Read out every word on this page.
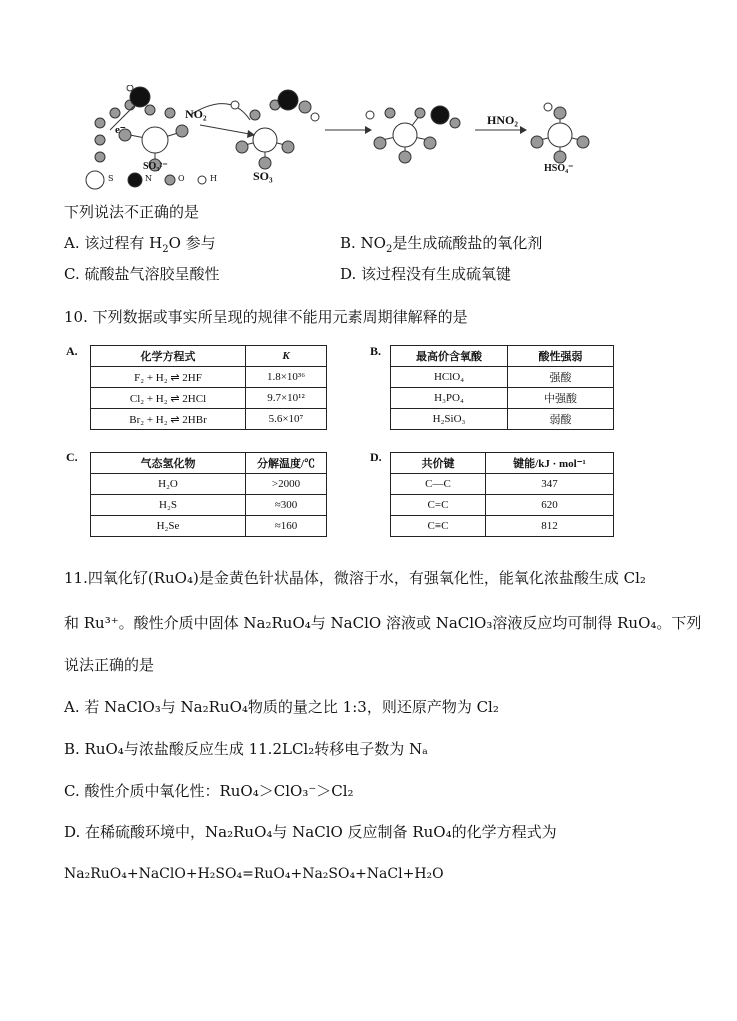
e⁻
NO₂	HNO₂
SO₃²⁻
SO₃
HSO₄⁻
S	N	O	H
下列说法不正确的是
A. 该过程有 $H_2O$ 参与	B. $NO_2$是生成硫酸盐的氧化剂
C. 硫酸盐气溶胶呈酸性	D. 该过程没有生成硫氧键
10. 下列数据或事实所呈现的规律不能用元素周期律解释的是
A.	化学方程式	K
F₂ + H₂ ⇌ 2HF	1.8×10³⁶
Cl₂ + H₂ ⇌ 2HCl	9.7×10¹²
Br₂ + H₂ ⇌ 2HBr	5.6×10⁷
B.	最高价含氧酸	酸性强弱
HClO₄	强酸
H₃PO₄	中强酸
H₂SiO₃	弱酸
C.	气态氢化物	分解温度/℃
H₂O	>2000
H₂S	≈300
H₂Se	≈160
D.	共价键	键能/kJ · mol⁻¹
C—C	347
C=C	620
C≡C	812
11.四氧化钌(RuO₄)是金黄色针状晶体，微溶于水，有强氧化性，能氧化浓盐酸生成 Cl₂
和 Ru³⁺。酸性介质中固体 Na₂RuO₄与 NaClO 溶液或 NaClO₃溶液反应均可制得 RuO₄。下列
说法正确的是
A. 若 NaClO₃与 Na₂RuO₄物质的量之比 1:3，则还原产物为 Cl₂
B. RuO₄与浓盐酸反应生成 11.2LCl₂转移电子数为 Nₐ
C. 酸性介质中氧化性：RuO₄＞ClO₃⁻＞Cl₂
D. 在稀硫酸环境中，Na₂RuO₄与 NaClO 反应制备 RuO₄的化学方程式为
Na₂RuO₄+NaClO+H₂SO₄=RuO₄+Na₂SO₄+NaCl+H₂O
